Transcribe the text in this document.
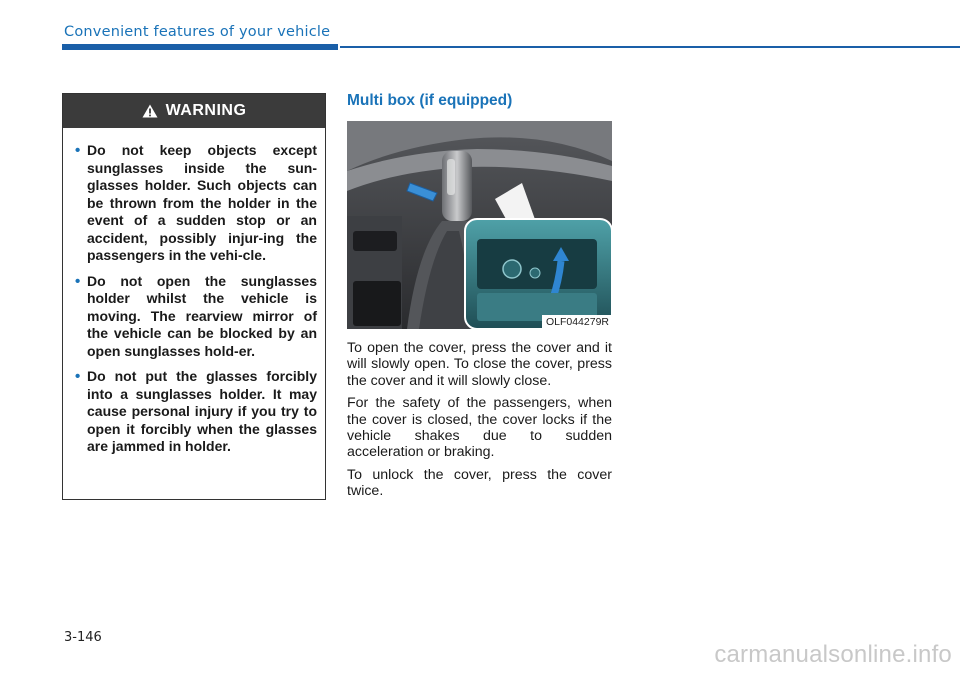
Convenient features of your vehicle
WARNING
• Do not keep objects except sunglasses inside the sun-glasses holder. Such objects can be thrown from the holder in the event of a sudden stop or an accident, possibly injur-ing the passengers in the vehi-cle.
• Do not open the sunglasses holder whilst the vehicle is moving. The rearview mirror of the vehicle can be blocked by an open sunglasses hold-er.
• Do not put the glasses forcibly into a sunglasses holder. It may cause personal injury if you try to open it forcibly when the glasses are jammed in holder.
Multi box (if equipped)
OLF044279R

To open the cover, press the cover and it will slowly open. To close the cover, press the cover and it will slowly close.

For the safety of the passengers, when the cover is closed, the cover locks if the vehicle shakes due to sudden acceleration or braking.

To unlock the cover, press the cover twice.

3-146
carmanualsonline.info
